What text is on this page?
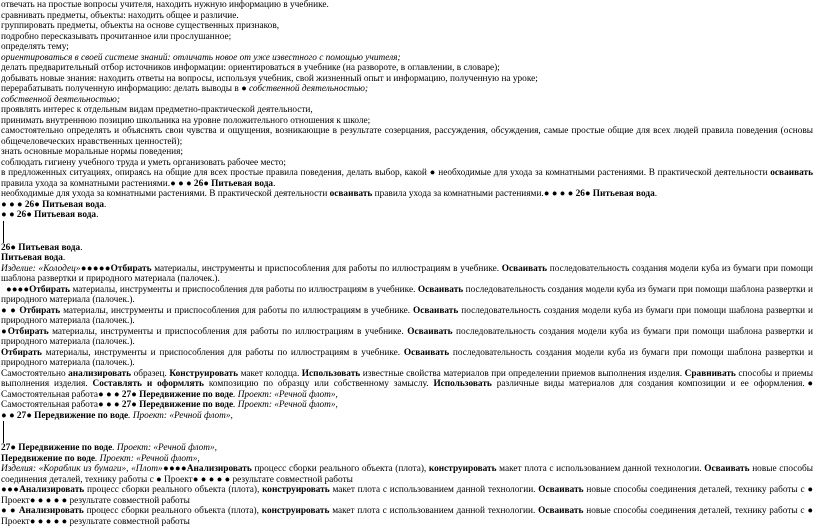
отвечать на простые вопросы учителя, находить нужную информацию в учебнике.
сравнивать предметы, объекты: находить общее и различие.
группировать предметы, объекты на основе существенных признаков,
подробно пересказывать прочитанное или прослушанное;
определять тему;
ориентироваться в своей системе знаний: отличать новое от уже известного с помощью учителя;
делать предварительный отбор источников информации: ориентироваться в учебнике (на развороте, в оглавлении, в словаре);
добывать новые знания: находить ответы на вопросы, используя учебник, свой жизненный опыт и информацию, полученную на уроке;
перерабатывать полученную информацию: делать выводы в ● собственной деятельностью;
собственной деятельностью;
проявлять интерес к отдельным видам предметно-практической деятельности,
принимать внутреннюю позицию школьника на уровне положительного отношения к школе;
самостоятельно определять и объяснять свои чувства и ощущения, возникающие в результате созерцания, рассуждения, обсуждения, самые простые общие для всех людей правила поведения (основы общечеловеческих нравственных ценностей);
знать основные моральные нормы поведения;
соблюдать гигиену учебного труда и уметь организовать рабочее место;
в предложенных ситуациях, опираясь на общие для всех простые правила поведения, делать выбор, какой ● необходимые для ухода за комнатными растениями. В практической деятельности осваивать правила ухода за комнатными растениями.● ● ● 26● Питьевая вода.
необходимые для ухода за комнатными растениями. В практической деятельности осваивать правила ухода за комнатными растениями.● ● ● ● 26● Питьевая вода.
● ● ● 26● Питьевая вода.
● ● 26● Питьевая вода.
26● Питьевая вода.
Питьевая вода.
Изделие: «Колодец»●●●●●Отбирать материалы, инструменты и приспособления для работы по иллюстрациям в учебнике. Осваивать последовательность создания модели куба из бумаги при помощи шаблона развертки и природного материала (палочек.).
●●●●Отбирать материалы, инструменты и приспособления для работы по иллюстрациям в учебнике. Осваивать последовательность создания модели куба из бумаги при помощи шаблона развертки и природного материала (палочек.).
● ● Отбирать материалы, инструменты и приспособления для работы по иллюстрациям в учебнике. Осваивать последовательность создания модели куба из бумаги при помощи шаблона развертки и природного материала (палочек.).
●Отбирать материалы, инструменты и приспособления для работы по иллюстрациям в учебнике. Осваивать последовательность создания модели куба из бумаги при помощи шаблона развертки и природного материала (палочек.).
Отбирать материалы, инструменты и приспособления для работы по иллюстрациям в учебнике. Осваивать последовательность создания модели куба из бумаги при помощи шаблона развертки и природного материала (палочек.).
Самостоятельно анализировать образец. Конструировать макет колодца. Использовать известные свойства материалов при определении приемов выполнения изделия. Сравнивать способы и приемы выполнения изделия. Составлять и оформлять композицию по образцу или собственному замыслу. Использовать различные виды материалов для создания композиции и ее оформления.● Самостоятельная работа● ● ● 27● Передвижение по воде. Проект: «Речной флот»,
Самостоятельная работа● ● ● 27● Передвижение по воде. Проект: «Речной флот»,
● ● 27● Передвижение по воде. Проект: «Речной флот»,
27● Передвижение по воде. Проект: «Речной флот»,
Передвижение по воде. Проект: «Речной флот»,
Изделия: «Кораблик из бумаги», «Плот»●●●●Анализировать процесс сборки реального объекта (плота), конструировать макет плота с использованием данной технологии. Осваивать новые способы соединения деталей, технику работы с ● Проект● ● ● ● ● результате совместной работы
●●●Анализировать процесс сборки реального объекта (плота), конструировать макет плота с использованием данной технологии. Осваивать новые способы соединения деталей, технику работы с ● Проект● ● ● ● ● результате совместной работы
● ● Анализировать процесс сборки реального объекта (плота), конструировать макет плота с использованием данной технологии. Осваивать новые способы соединения деталей, технику работы с ● Проект● ● ● ● ● результате совместной работы
